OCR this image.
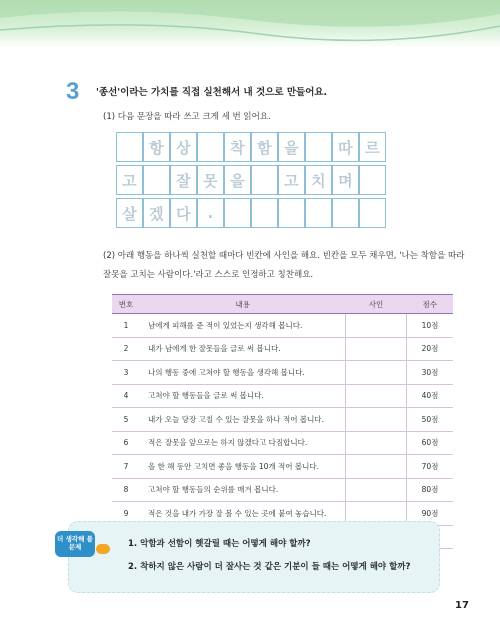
3 '종선'이라는 가치를 직접 실천해서 내 것으로 만들어요.
(1) 다음 문장을 따라 쓰고 크게 세 번 읽어요.
항 상	착 함 을	따 르
고	잘 못 을	고 치 며
살 겠 다	.
(2) 아래 행동을 하나씩 실천할 때마다 빈칸에 사인을 해요. 빈칸을 모두 채우면, '나는 착함을 따라 잘못을 고치는 사람이다.'라고 스스로 인정하고 칭찬해요.
번호	내용	사인	점수
1	남에게 피해를 준 적이 있었는지 생각해 봅니다.		10점
2	내가 남에게 한 잘못들을 글로 써 봅니다.		20점
3	나의 행동 중에 고쳐야 할 행동을 생각해 봅니다.		30점
4	고쳐야 할 행동들을 글로 써 봅니다.		40점
5	내가 오늘 당장 고칠 수 있는 잘못을 하나 적어 봅니다.		50점
6	적은 잘못을 앞으로는 하지 않겠다고 다짐합니다.		60점
7	올 한 해 동안 고치면 좋을 행동을 10개 적어 봅니다.		70점
8	고쳐야 할 행동들의 순위를 매겨 봅니다.		80점
9	적은 것을 내가 가장 잘 볼 수 있는 곳에 붙여 놓습니다.		90점

더 생각해 볼 문제	1. 악함과 선함이 헷갈릴 때는 어떻게 해야 할까?
2. 착하지 않은 사람이 더 잘사는 것 같은 기분이 들 때는 어떻게 해야 할까?
17
